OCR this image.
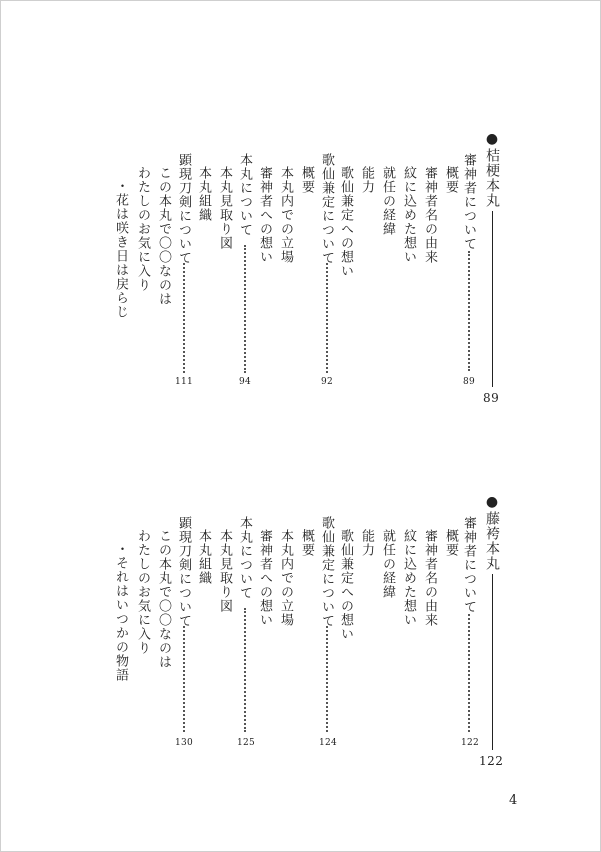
●桔梗本丸
89
審神者について
89
概要
審神者名の由来
紋に込めた想い
就任の経緯
能力
歌仙兼定への想い
歌仙兼定について
92
概要
本丸内での立場
審神者への想い
本丸について
94
本丸見取り図
本丸組織
顕現刀剣について
111
この本丸で〇〇なのは
わたしのお気に入り
・花は咲き日は戻らじ
●藤袴本丸
122
審神者について
122
概要
審神者名の由来
紋に込めた想い
就任の経緯
能力
歌仙兼定への想い
歌仙兼定について
124
概要
本丸内での立場
審神者への想い
本丸について
125
本丸見取り図
本丸組織
顕現刀剣について
130
この本丸で〇〇なのは
わたしのお気に入り
・それはいつかの物語
4
